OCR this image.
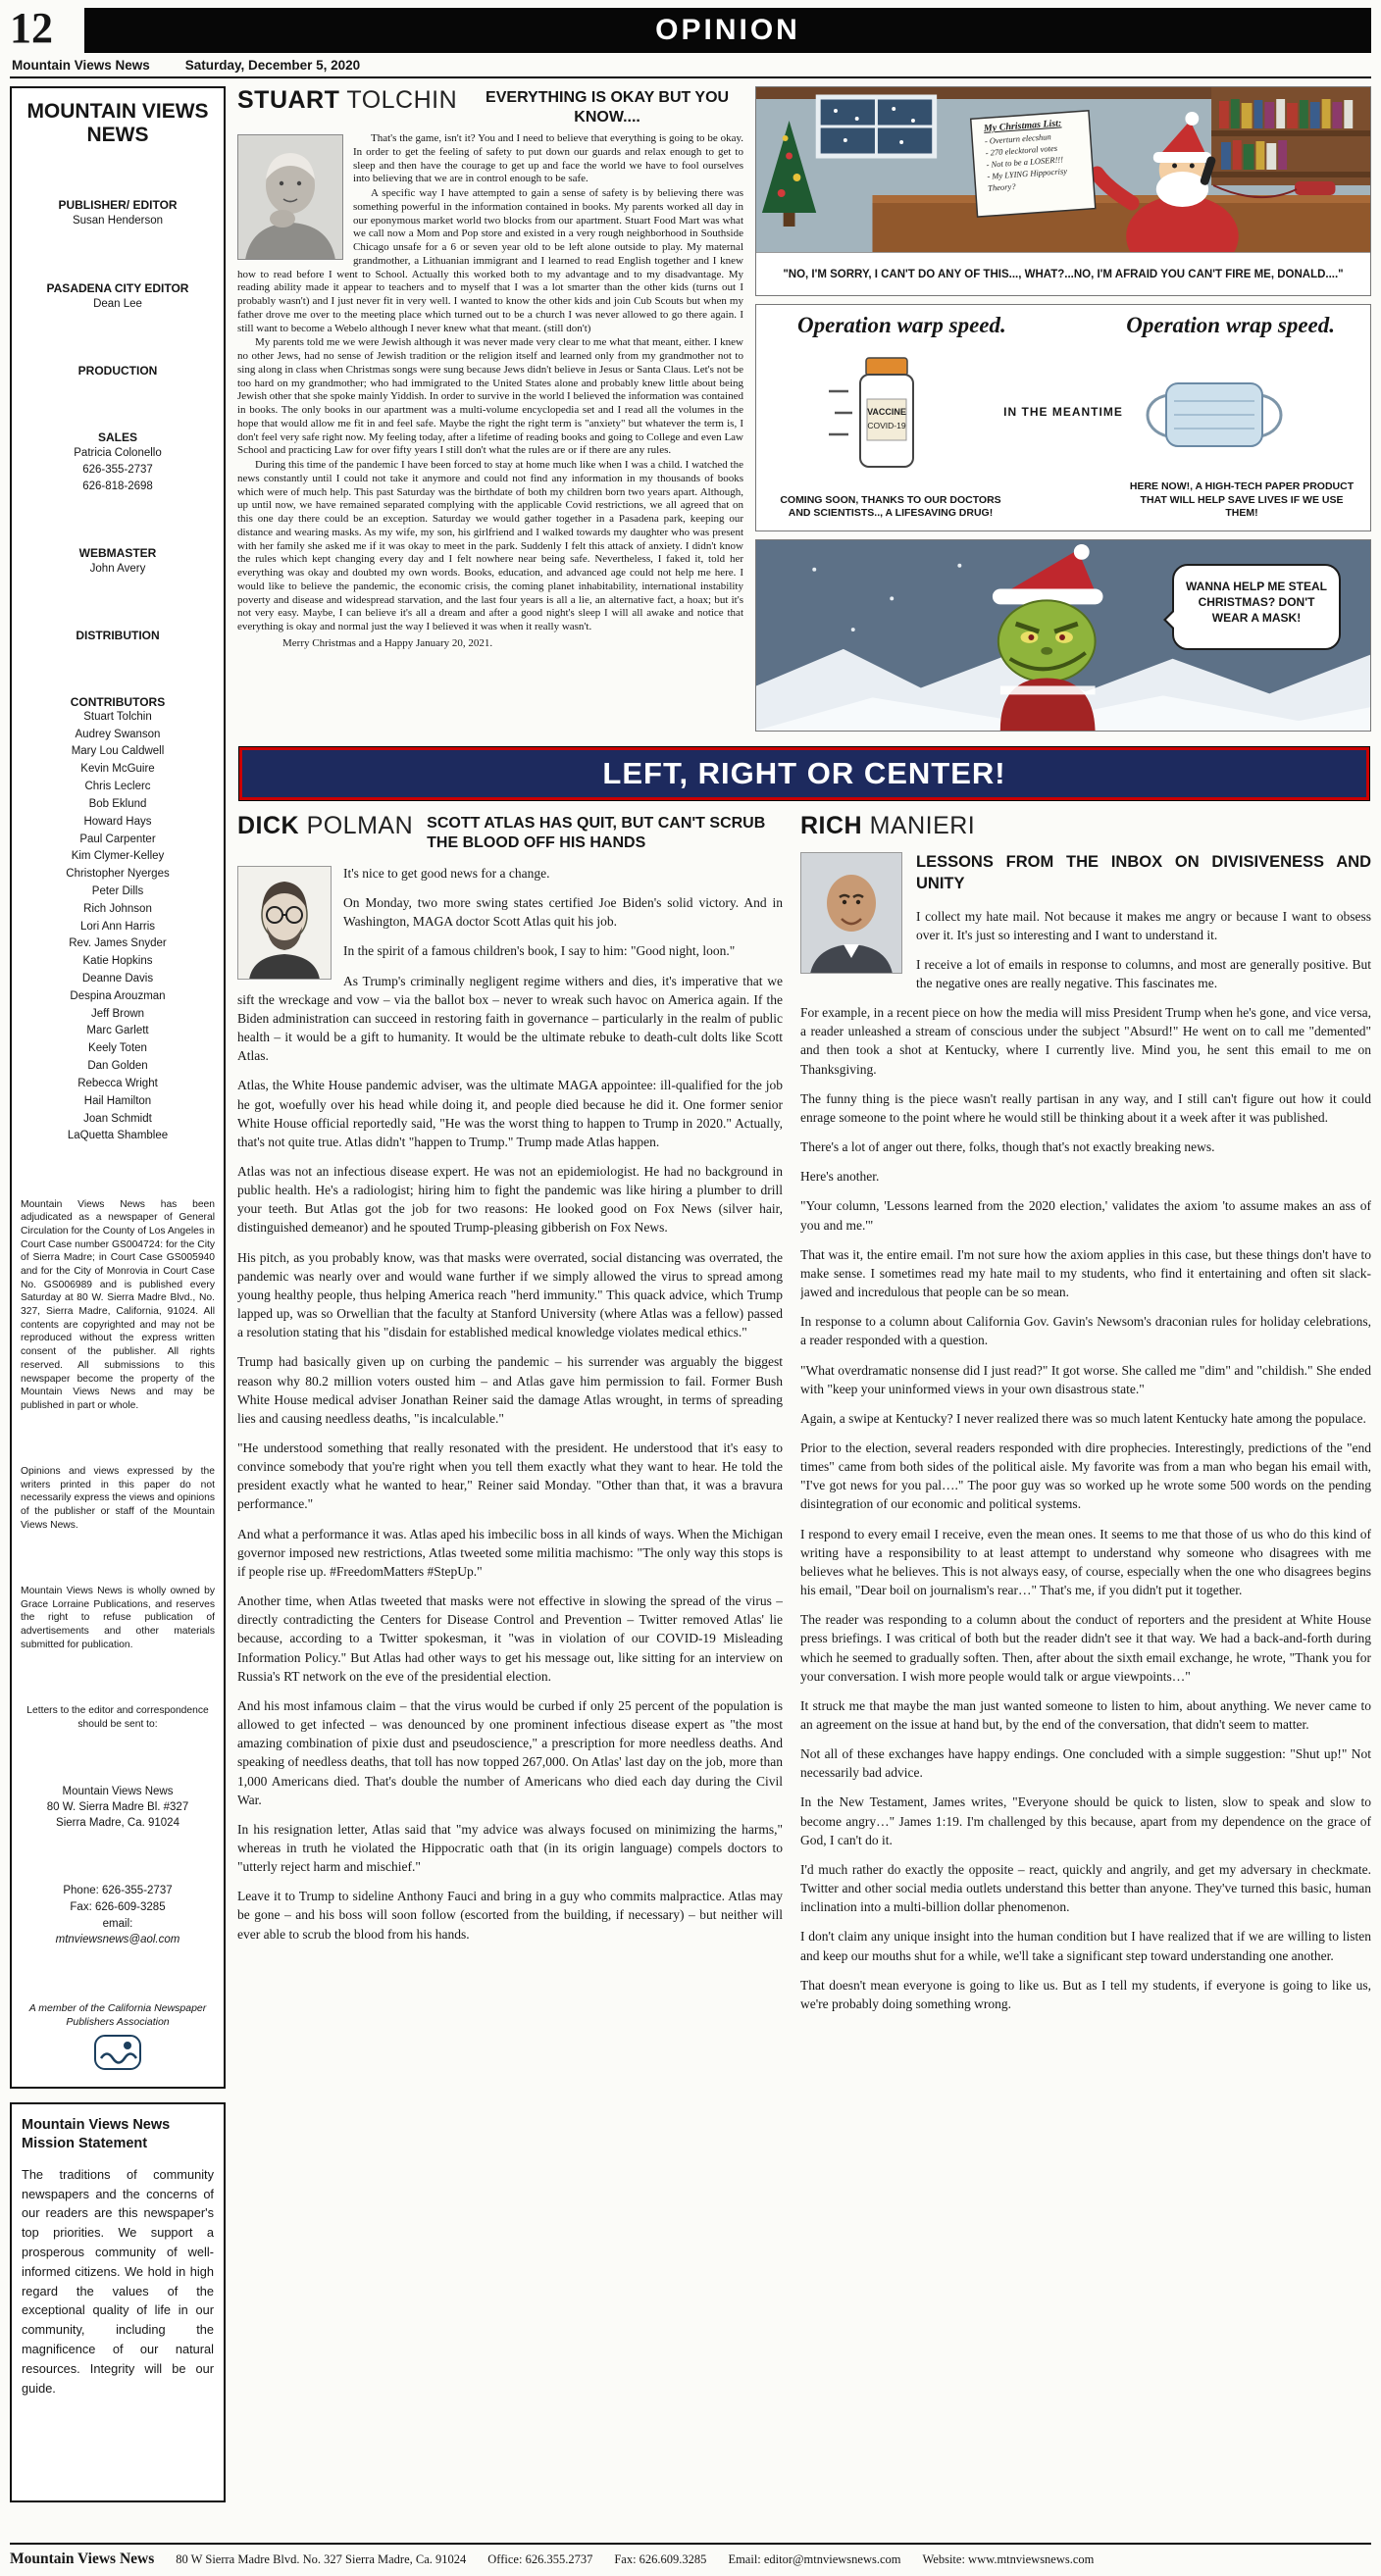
12	OPINION
Mountain Views News	Saturday, December 5, 2020
MOUNTAIN VIEWS NEWS
PUBLISHER/ EDITOR
Susan Henderson
PASADENA CITY EDITOR
Dean Lee
PRODUCTION
SALES
Patricia Colonello
626-355-2737
626-818-2698
WEBMASTER
John Avery
DISTRIBUTION
CONTRIBUTORS
Stuart Tolchin
Audrey Swanson
Mary Lou Caldwell
Kevin McGuire
Chris Leclerc
Bob Eklund
Howard Hays
Paul Carpenter
Kim Clymer-Kelley
Christopher Nyerges
Peter Dills
Rich Johnson
Lori Ann Harris
Rev. James Snyder
Katie Hopkins
Deanne Davis
Despina Arouzman
Jeff Brown
Marc Garlett
Keely Toten
Dan Golden
Rebecca Wright
Hail Hamilton
Joan Schmidt
LaQuetta Shamblee

Mountain Views News has been adjudicated as a newspaper of General Circulation for the County of Los Angeles in Court Case number GS004724: for the City of Sierra Madre; in Court Case GS005940 and for the City of Monrovia in Court Case No. GS006989 and is published every Saturday at 80 W. Sierra Madre Blvd., No. 327, Sierra Madre, California, 91024. All contents are copyrighted and may not be reproduced without the express written consent of the publisher. All rights reserved. All submissions to this newspaper become the property of the Mountain Views News and may be published in part or whole.

Opinions and views expressed by the writers printed in this paper do not necessarily express the views and opinions of the publisher or staff of the Mountain Views News.

Mountain Views News is wholly owned by Grace Lorraine Publications, and reserves the right to refuse publication of advertisements and other materials submitted for publication.

Letters to the editor and correspondence should be sent to:

Mountain Views News
80 W. Sierra Madre Bl. #327
Sierra Madre, Ca. 91024
Phone: 626-355-2737
Fax: 626-609-3285
email:
mtnviewsnews@aol.com
A member of the California Newspaper Publishers Association
Mountain Views News Mission Statement

The traditions of community newspapers and the concerns of our readers are this newspaper's top priorities. We support a prosperous community of well-informed citizens. We hold in high regard the values of the exceptional quality of life in our community, including the magnificence of our natural resources. Integrity will be our guide.

STUART TOLCHIN	EVERYTHING IS OKAY BUT YOU KNOW....

That's the game, isn't it? You and I need to believe that everything is going to be okay. In order to get the feeling of safety to put down our guards and relax enough to get to sleep and then have the courage to get up and face the world we have to fool ourselves into believing that we are in control enough to be safe.

A specific way I have attempted to gain a sense of safety is by believing there was something powerful in the information contained in books. My parents worked all day in our eponymous market world two blocks from our apartment. Stuart Food Mart was what we call now a Mom and Pop store and existed in a very rough neighborhood in Southside Chicago unsafe for a 6 or seven year old to be left alone outside to play. My maternal grandmother, a Lithuanian immigrant and I learned to read English together and I knew how to read before I went to School. Actually this worked both to my advantage and to my disadvantage. My reading ability made it appear to teachers and to myself that I was a lot smarter than the other kids (turns out I probably wasn't) and I just never fit in very well. I wanted to know the other kids and join Cub Scouts but when my father drove me over to the meeting place which turned out to be a church I was never allowed to go there again. I still want to become a Webelo although I never knew what that meant. (still don't)

My parents told me we were Jewish although it was never made very clear to me what that meant, either. I knew no other Jews, had no sense of Jewish tradition or the religion itself and learned only from my grandmother not to sing along in class when Christmas songs were sung because Jews didn't believe in Jesus or Santa Claus. Let's not be too hard on my grandmother; who had immigrated to the United States alone and probably knew little about being Jewish other that she spoke mainly Yiddish. In order to survive in the world I believed the information was contained in books. The only books in our apartment was a multi-volume encyclopedia set and I read all the volumes in the hope that would allow me fit in and feel safe. Maybe the right the right term is "anxiety" but whatever the term is, I don't feel very safe right now. My feeling today, after a lifetime of reading books and going to College and even Law School and practicing Law for over fifty years I still don't what the rules are or if there are any rules.

During this time of the pandemic I have been forced to stay at home much like when I was a child. I watched the news constantly until I could not take it anymore and could not find any information in my thousands of books which were of much help. This past Saturday was the birthdate of both my children born two years apart. Although, up until now, we have remained separated complying with the applicable Covid restrictions, we all agreed that on this one day there could be an exception. Saturday we would gather together in a Pasadena park, keeping our distance and wearing masks. As my wife, my son, his girlfriend and I walked towards my daughter who was present with her family she asked me if it was okay to meet in the park. Suddenly I felt this attack of anxiety. I didn't know the rules which kept changing every day and I felt nowhere near being safe. Nevertheless, I faked it, told her everything was okay and doubted my own words. Books, education, and advanced age could not help me here. I would like to believe the pandemic, the economic crisis, the coming planet inhabitability, international instability poverty and disease and widespread starvation, and the last four years is all a lie, an alternative fact, a hoax; but it's not very easy. Maybe, I can believe it's all a dream and after a good night's sleep I will all awake and notice that everything is okay and normal just the way I believed it was when it really wasn't.

Merry Christmas and a Happy January 20, 2021.

My Christmas List:
- Overturn elecshun
- 270 elecktoral votes
- Not to be a LOSER!!!
- My LYING Hippocrisy Theory?
"NO, I'M SORRY, I CAN'T DO ANY OF THIS..., WHAT?...NO, I'M AFRAID YOU CAN'T FIRE ME, DONALD...."
Operation warp speed.	Operation wrap speed.
IN THE MEANTIME
VACCINE
COVID-19
COMING SOON, THANKS TO OUR DOCTORS AND SCIENTISTS.., A LIFESAVING DRUG!
HERE NOW!, A HIGH-TECH PAPER PRODUCT THAT WILL HELP SAVE LIVES IF WE USE THEM!
WANNA HELP ME STEAL CHRISTMAS? DON'T WEAR A MASK!
LEFT, RIGHT OR CENTER!
DICK POLMAN SCOTT ATLAS HAS QUIT, BUT CAN'T SCRUB THE BLOOD OFF HIS HANDS

It's nice to get good news for a change.

On Monday, two more swing states certified Joe Biden's solid victory. And in Washington, MAGA doctor Scott Atlas quit his job.

In the spirit of a famous children's book, I say to him: "Good night, loon."

As Trump's criminally negligent regime withers and dies, it's imperative that we sift the wreckage and vow – via the ballot box – never to wreak such havoc on America again. If the Biden administration can succeed in restoring faith in governance – particularly in the realm of public health – it would be a gift to humanity. It would be the ultimate rebuke to death-cult dolts like Scott Atlas.

Atlas, the White House pandemic adviser, was the ultimate MAGA appointee: ill-qualified for the job he got, woefully over his head while doing it, and people died because he did it. One former senior White House official reportedly said, "He was the worst thing to happen to Trump in 2020." Actually, that's not quite true. Atlas didn't "happen to Trump." Trump made Atlas happen.

Atlas was not an infectious disease expert. He was not an epidemiologist. He had no background in public health. He's a radiologist; hiring him to fight the pandemic was like hiring a plumber to drill your teeth. But Atlas got the job for two reasons: He looked good on Fox News (silver hair, distinguished demeanor) and he spouted Trump-pleasing gibberish on Fox News.

His pitch, as you probably know, was that masks were overrated, social distancing was overrated, the pandemic was nearly over and would wane further if we simply allowed the virus to spread among young healthy people, thus helping America reach "herd immunity." This quack advice, which Trump lapped up, was so Orwellian that the faculty at Stanford University (where Atlas was a fellow) passed a resolution stating that his "disdain for established medical knowledge violates medical ethics."

Trump had basically given up on curbing the pandemic – his surrender was arguably the biggest reason why 80.2 million voters ousted him – and Atlas gave him permission to fail. Former Bush White House medical adviser Jonathan Reiner said the damage Atlas wrought, in terms of spreading lies and causing needless deaths, "is incalculable."

"He understood something that really resonated with the president. He understood that it's easy to convince somebody that you're right when you tell them exactly what they want to hear. He told the president exactly what he wanted to hear," Reiner said Monday. "Other than that, it was a bravura performance."

And what a performance it was. Atlas aped his imbecilic boss in all kinds of ways. When the Michigan governor imposed new restrictions, Atlas tweeted some militia machismo: "The only way this stops is if people rise up. #FreedomMatters #StepUp."

Another time, when Atlas tweeted that masks were not effective in slowing the spread of the virus – directly contradicting the Centers for Disease Control and Prevention – Twitter removed Atlas' lie because, according to a Twitter spokesman, it "was in violation of our COVID-19 Misleading Information Policy." But Atlas had other ways to get his message out, like sitting for an interview on Russia's RT network on the eve of the presidential election.

And his most infamous claim – that the virus would be curbed if only 25 percent of the population is allowed to get infected – was denounced by one prominent infectious disease expert as "the most amazing combination of pixie dust and pseudoscience," a prescription for more needless deaths. And speaking of needless deaths, that toll has now topped 267,000. On Atlas' last day on the job, more than 1,000 Americans died. That's double the number of Americans who died each day during the Civil War.

In his resignation letter, Atlas said that "my advice was always focused on minimizing the harms," whereas in truth he violated the Hippocratic oath that (in its origin language) compels doctors to "utterly reject harm and mischief."

Leave it to Trump to sideline Anthony Fauci and bring in a guy who commits malpractice. Atlas may be gone – and his boss will soon follow (escorted from the building, if necessary) – but neither will ever able to scrub the blood from his hands.

RICH MANIERI
LESSONS FROM THE INBOX ON DIVISIVENESS AND UNITY

I collect my hate mail. Not because it makes me angry or because I want to obsess over it. It's just so interesting and I want to understand it.

I receive a lot of emails in response to columns, and most are generally positive. But the negative ones are really negative. This fascinates me.

For example, in a recent piece on how the media will miss President Trump when he's gone, and vice versa, a reader unleashed a stream of conscious under the subject "Absurd!" He went on to call me "demented" and then took a shot at Kentucky, where I currently live. Mind you, he sent this email to me on Thanksgiving.

The funny thing is the piece wasn't really partisan in any way, and I still can't figure out how it could enrage someone to the point where he would still be thinking about it a week after it was published.

There's a lot of anger out there, folks, though that's not exactly breaking news.

Here's another.

"Your column, 'Lessons learned from the 2020 election,' validates the axiom 'to assume makes an ass of you and me.'"

That was it, the entire email. I'm not sure how the axiom applies in this case, but these things don't have to make sense. I sometimes read my hate mail to my students, who find it entertaining and often sit slack-jawed and incredulous that people can be so mean.

In response to a column about California Gov. Gavin's Newsom's draconian rules for holiday celebrations, a reader responded with a question.

"What overdramatic nonsense did I just read?" It got worse. She called me "dim" and "childish." She ended with "keep your uninformed views in your own disastrous state."

Again, a swipe at Kentucky? I never realized there was so much latent Kentucky hate among the populace.

Prior to the election, several readers responded with dire prophecies. Interestingly, predictions of the "end times" came from both sides of the political aisle. My favorite was from a man who began his email with, "I've got news for you pal…." The poor guy was so worked up he wrote some 500 words on the pending disintegration of our economic and political systems.

I respond to every email I receive, even the mean ones. It seems to me that those of us who do this kind of writing have a responsibility to at least attempt to understand why someone who disagrees with me believes what he believes. This is not always easy, of course, especially when the one who disagrees begins his email, "Dear boil on journalism's rear…" That's me, if you didn't put it together.

The reader was responding to a column about the conduct of reporters and the president at White House press briefings. I was critical of both but the reader didn't see it that way. We had a back-and-forth during which he seemed to gradually soften. Then, after about the sixth email exchange, he wrote, "Thank you for your conversation. I wish more people would talk or argue viewpoints…"

It struck me that maybe the man just wanted someone to listen to him, about anything. We never came to an agreement on the issue at hand but, by the end of the conversation, that didn't seem to matter.

Not all of these exchanges have happy endings. One concluded with a simple suggestion: "Shut up!" Not necessarily bad advice.

In the New Testament, James writes, "Everyone should be quick to listen, slow to speak and slow to become angry…" James 1:19. I'm challenged by this because, apart from my dependence on the grace of God, I can't do it.

I'd much rather do exactly the opposite – react, quickly and angrily, and get my adversary in checkmate. Twitter and other social media outlets understand this better than anyone. They've turned this basic, human inclination into a multi-billion dollar phenomenon.

I don't claim any unique insight into the human condition but I have realized that if we are willing to listen and keep our mouths shut for a while, we'll take a significant step toward understanding one another.

That doesn't mean everyone is going to like us. But as I tell my students, if everyone is going to like us, we're probably doing something wrong.

Mountain Views News 80 W Sierra Madre Blvd. No. 327 Sierra Madre, Ca. 91024 Office: 626.355.2737 Fax: 626.609.3285 Email: editor@mtnviewsnews.com Website: www.mtnviewsnews.com
